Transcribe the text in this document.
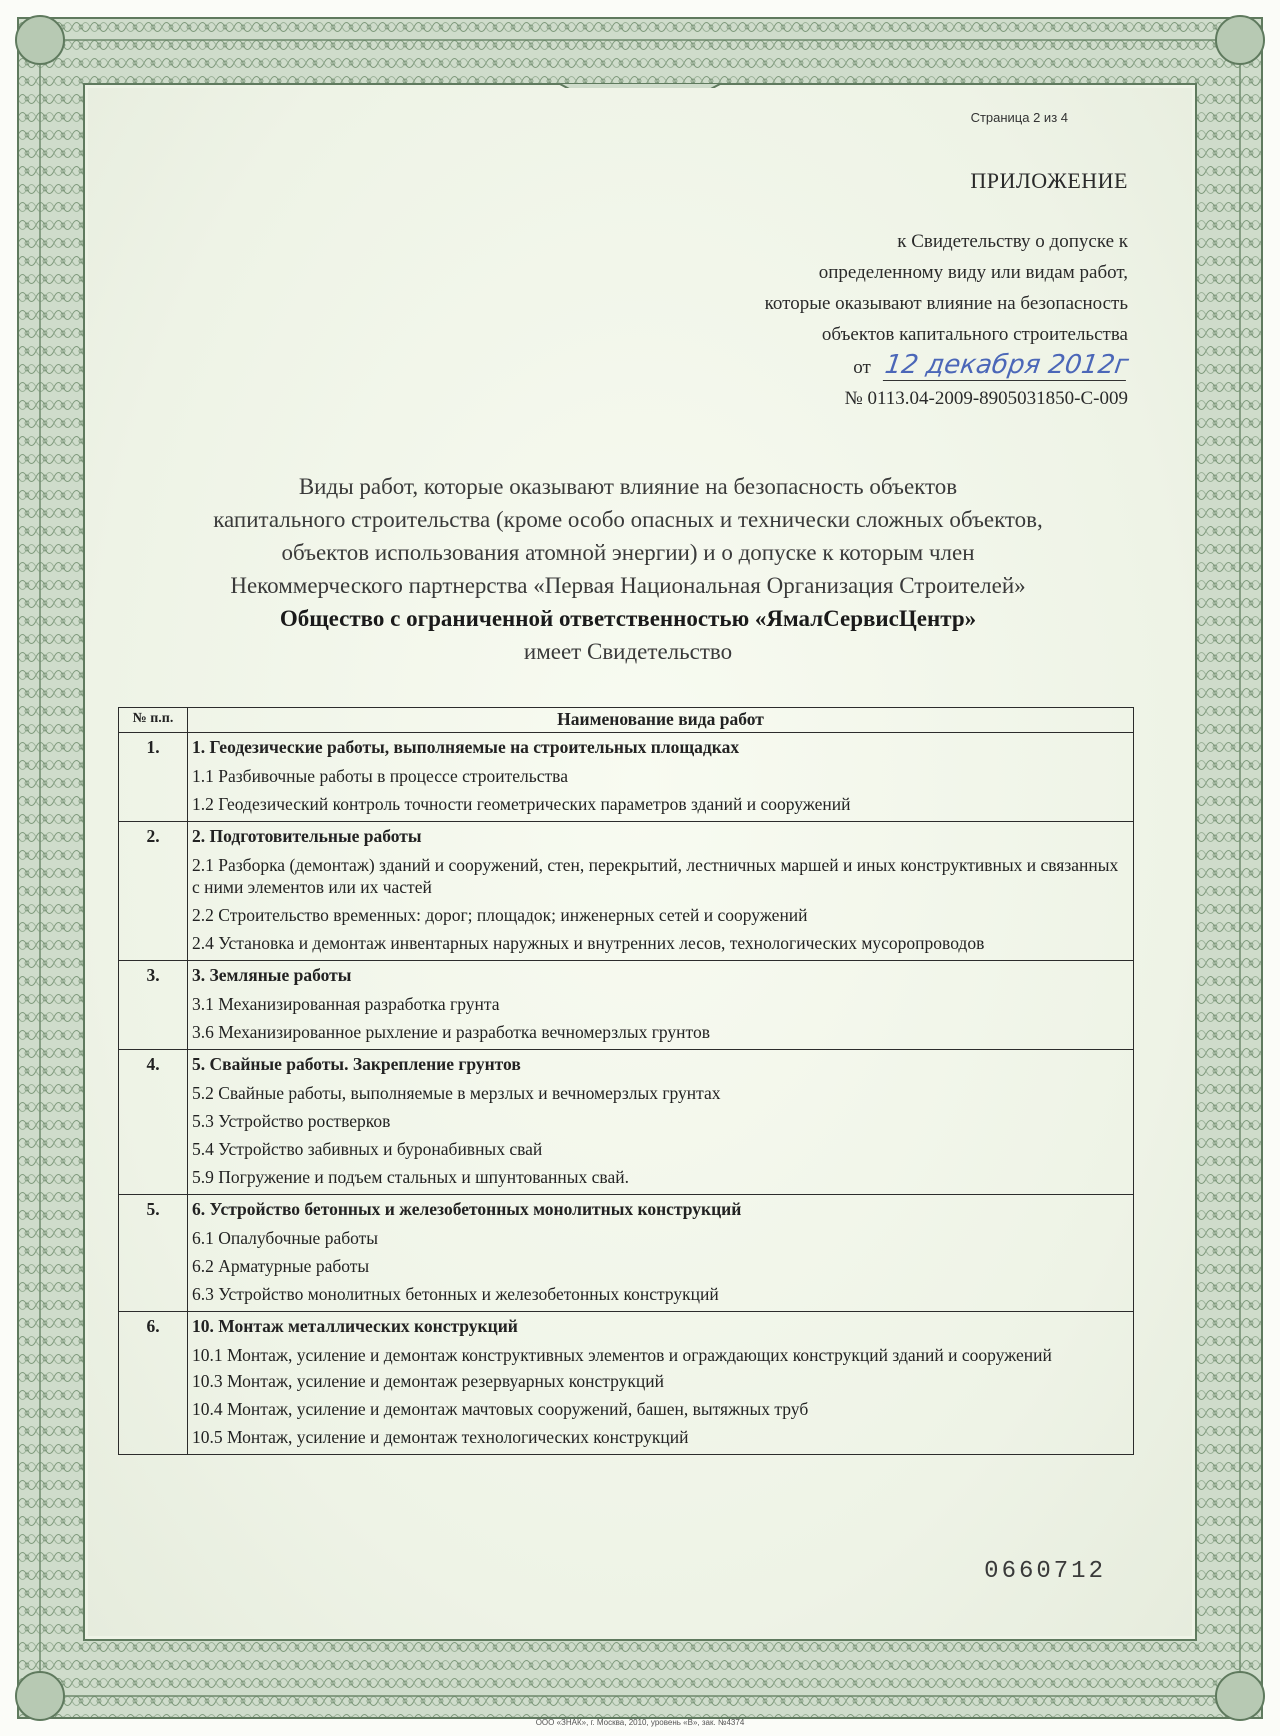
Страница 2 из 4
ПРИЛОЖЕНИЕ
к Свидетельству о допуске к
определенному виду или видам работ,
которые оказывают влияние на безопасность
объектов капитального строительства
от 12 декабря 2012г
№ 0113.04-2009-8905031850-С-009
Виды работ, которые оказывают влияние на безопасность объектов
капитального строительства (кроме особо опасных и технически сложных объектов,
объектов использования атомной энергии) и о допуске к которым член
Некоммерческого партнерства «Первая Национальная Организация Строителей»
Общество с ограниченной ответственностью «ЯмалСервисЦентр»
имеет Свидетельство
№ п.п.	Наименование вида работ
1.	1. Геодезические работы, выполняемые на строительных площадках
1.1 Разбивочные работы в процессе строительства
1.2 Геодезический контроль точности геометрических параметров зданий и сооружений

2.	2. Подготовительные работы
2.1 Разборка (демонтаж) зданий и сооружений, стен, перекрытий, лестничных маршей и иных конструктивных и связанных с ними элементов или их частей
2.2 Строительство временных: дорог; площадок; инженерных сетей и сооружений
2.4 Установка и демонтаж инвентарных наружных и внутренних лесов, технологических мусоропроводов

3.	3. Земляные работы
3.1 Механизированная разработка грунта
3.6 Механизированное рыхление и разработка вечномерзлых грунтов

4.	5. Свайные работы. Закрепление грунтов
5.2 Свайные работы, выполняемые в мерзлых и вечномерзлых грунтах
5.3 Устройство ростверков
5.4 Устройство забивных и буронабивных свай
5.9 Погружение и подъем стальных и шпунтованных свай.

5.	6. Устройство бетонных и железобетонных монолитных конструкций
6.1 Опалубочные работы
6.2 Арматурные работы
6.3 Устройство монолитных бетонных и железобетонных конструкций

6.	10. Монтаж металлических конструкций
10.1 Монтаж, усиление и демонтаж конструктивных элементов и ограждающих конструкций зданий и сооружений
10.3 Монтаж, усиление и демонтаж резервуарных конструкций
10.4 Монтаж, усиление и демонтаж мачтовых сооружений, башен, вытяжных труб
10.5 Монтаж, усиление и демонтаж технологических конструкций
0660712
ООО «ЗНАК», г. Москва, 2010, уровень «В», зак. №4374
